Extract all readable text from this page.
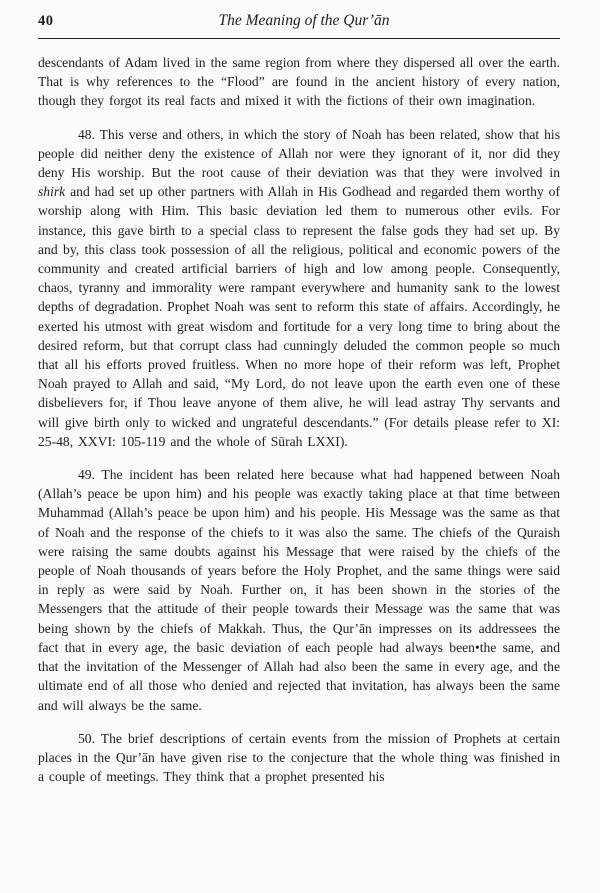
40	The Meaning of the Qur’ān

descendants of Adam lived in the same region from where they dispersed all over the earth. That is why references to the “Flood” are found in the ancient history of every nation, though they forgot its real facts and mixed it with the fictions of their own imagination.

48. This verse and others, in which the story of Noah has been related, show that his people did neither deny the existence of Allah nor were they ignorant of it, nor did they deny His worship. But the root cause of their deviation was that they were involved in shirk and had set up other partners with Allah in His Godhead and regarded them worthy of worship along with Him. This basic deviation led them to numerous other evils. For instance, this gave birth to a special class to represent the false gods they had set up. By and by, this class took possession of all the religious, political and economic powers of the community and created artificial barriers of high and low among people. Consequently, chaos, tyranny and immorality were rampant everywhere and humanity sank to the lowest depths of degradation. Prophet Noah was sent to reform this state of affairs. Accordingly, he exerted his utmost with great wisdom and fortitude for a very long time to bring about the desired reform, but that corrupt class had cunningly deluded the common people so much that all his efforts proved fruitless. When no more hope of their reform was left, Prophet Noah prayed to Allah and said, “My Lord, do not leave upon the earth even one of these disbelievers for, if Thou leave anyone of them alive, he will lead astray Thy servants and will give birth only to wicked and ungrateful descendants.” (For details please refer to XI: 25-48, XXVI: 105-119 and the whole of Sūrah LXXI).

49. The incident has been related here because what had happened between Noah (Allah’s peace be upon him) and his people was exactly taking place at that time between Muhammad (Allah’s peace be upon him) and his people. His Message was the same as that of Noah and the response of the chiefs to it was also the same. The chiefs of the Quraish were raising the same doubts against his Message that were raised by the chiefs of the people of Noah thousands of years before the Holy Prophet, and the same things were said in reply as were said by Noah. Further on, it has been shown in the stories of the Messengers that the attitude of their people towards their Message was the same that was being shown by the chiefs of Makkah. Thus, the Qur’ān impresses on its addressees the fact that in every age, the basic deviation of each people had always been•the same, and that the invitation of the Messenger of Allah had also been the same in every age, and the ultimate end of all those who denied and rejected that invitation, has always been the same and will always be the same.

50. The brief descriptions of certain events from the mission of Prophets at certain places in the Qur’ān have given rise to the conjecture that the whole thing was finished in a couple of meetings. They think that a prophet presented his
